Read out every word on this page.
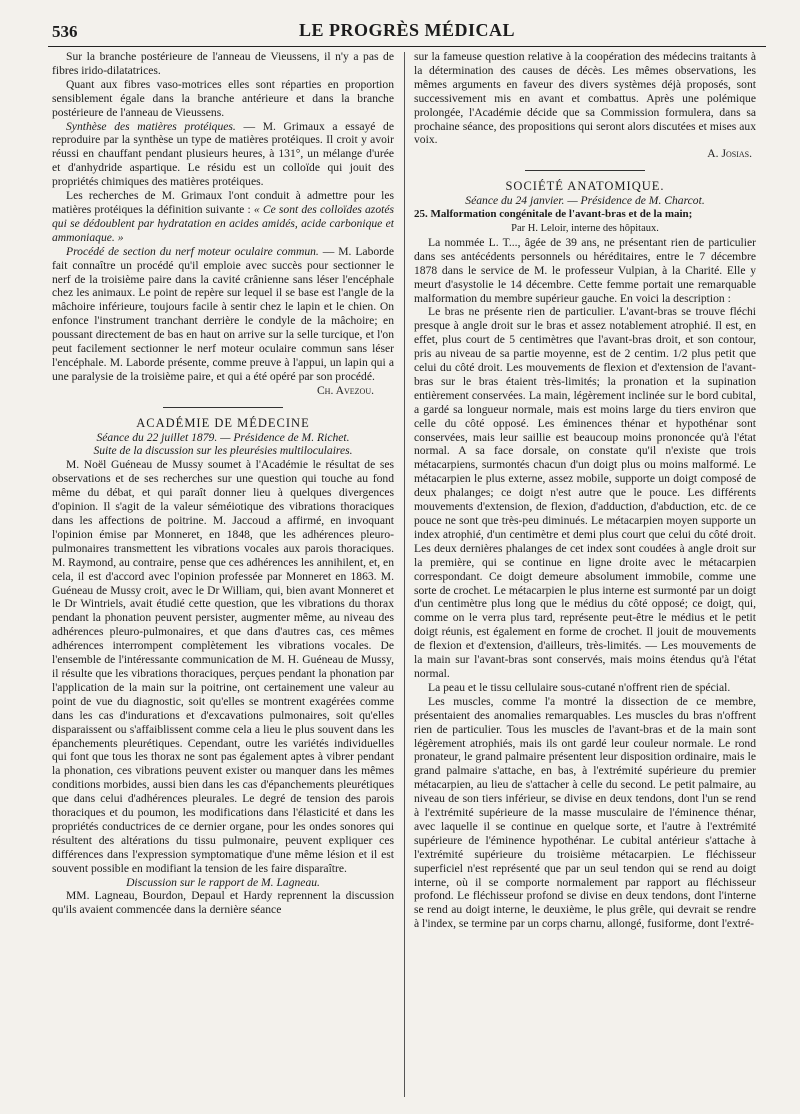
536	LE PROGRÈS MÉDICAL

Sur la branche postérieure de l'anneau de Vieussens, il n'y a pas de fibres irido-dilatatrices.

Quant aux fibres vaso-motrices elles sont réparties en proportion sensiblement égale dans la branche antérieure et dans la branche postérieure de l'anneau de Vieussens.

Synthèse des matières protéiques. — M. Grimaux a essayé de reproduire par la synthèse un type de matières protéiques. Il croit y avoir réussi en chauffant pendant plusieurs heures, à 131°, un mélange d'urée et d'anhydride aspartique. Le résidu est un colloïde qui jouit des propriétés chimiques des matières protéiques.

Les recherches de M. Grimaux l'ont conduit à admettre pour les matières protéiques la définition suivante : « Ce sont des colloïdes azotés qui se dédoublent par hydratation en acides amidés, acide carbonique et ammoniaque. »

Procédé de section du nerf moteur oculaire commun. — M. Laborde fait connaître un procédé qu'il emploie avec succès pour sectionner le nerf de la troisième paire dans la cavité crânienne sans léser l'encéphale chez les animaux. Le point de repère sur lequel il se base est l'angle de la mâchoire inférieure, toujours facile à sentir chez le lapin et le chien. On enfonce l'instrument tranchant derrière le condyle de la mâchoire; en poussant directement de bas en haut on arrive sur la selle turcique, et l'on peut facilement sectionner le nerf moteur oculaire commun sans léser l'encéphale. M. Laborde présente, comme preuve à l'appui, un lapin qui a une paralysie de la troisième paire, et qui a été opéré par son procédé.

Ch. Avezou.

ACADÉMIE DE MÉDECINE

Séance du 22 juillet 1879. — Présidence de M. Richet.

Suite de la discussion sur les pleurésies multiloculaires.

M. Noël Guéneau de Mussy soumet à l'Académie le résultat de ses observations et de ses recherches sur une question qui touche au fond même du débat, et qui paraît donner lieu à quelques divergences d'opinion. Il s'agit de la valeur séméiotique des vibrations thoraciques dans les affections de poitrine. M. Jaccoud a affirmé, en invoquant l'opinion émise par Monneret, en 1848, que les adhérences pleuro-pulmonaires transmettent les vibrations vocales aux parois thoraciques. M. Raymond, au contraire, pense que ces adhérences les annihilent, et, en cela, il est d'accord avec l'opinion professée par Monneret en 1863. M. Guéneau de Mussy croit, avec le Dr William, qui, bien avant Monneret et le Dr Wintriels, avait étudié cette question, que les vibrations du thorax pendant la phonation peuvent persister, augmenter même, au niveau des adhérences pleuro-pulmonaires, et que dans d'autres cas, ces mêmes adhérences interrompent complètement les vibrations vocales. De l'ensemble de l'intéressante communication de M. H. Guéneau de Mussy, il résulte que les vibrations thoraciques, perçues pendant la phonation par l'application de la main sur la poitrine, ont certainement une valeur au point de vue du diagnostic, soit qu'elles se montrent exagérées comme dans les cas d'indurations et d'excavations pulmonaires, soit qu'elles disparaissent ou s'affaiblissent comme cela a lieu le plus souvent dans les épanchements pleurétiques. Cependant, outre les variétés individuelles qui font que tous les thorax ne sont pas également aptes à vibrer pendant la phonation, ces vibrations peuvent exister ou manquer dans les mêmes conditions morbides, aussi bien dans les cas d'épanchements pleurétiques que dans celui d'adhérences pleurales. Le degré de tension des parois thoraciques et du poumon, les modifications dans l'élasticité et dans les propriétés conductrices de ce dernier organe, pour les ondes sonores qui résultent des altérations du tissu pulmonaire, peuvent expliquer ces différences dans l'expression symptomatique d'une même lésion et il est souvent possible en modifiant la tension de les faire disparaître.

Discussion sur le rapport de M. Lagneau.

MM. Lagneau, Bourdon, Depaul et Hardy reprennent la discussion qu'ils avaient commencée dans la dernière séance

sur la fameuse question relative à la coopération des médecins traitants à la détermination des causes de décès. Les mêmes observations, les mêmes arguments en faveur des divers systèmes déjà proposés, sont successivement mis en avant et combattus. Après une polémique prolongée, l'Académie décide que sa Commission formulera, dans sa prochaine séance, des propositions qui seront alors discutées et mises aux voix.

A. Josias.

SOCIÉTÉ ANATOMIQUE.

Séance du 24 janvier. — Présidence de M. Charcot.

25. Malformation congénitale de l'avant-bras et de la main;

Par H. Leloir, interne des hôpitaux.

La nommée L. T..., âgée de 39 ans, ne présentant rien de particulier dans ses antécédents personnels ou héréditaires, entre le 7 décembre 1878 dans le service de M. le professeur Vulpian, à la Charité. Elle y meurt d'asystolie le 14 décembre. Cette femme portait une remarquable malformation du membre supérieur gauche. En voici la description :

Le bras ne présente rien de particulier. L'avant-bras se trouve fléchi presque à angle droit sur le bras et assez notablement atrophié. Il est, en effet, plus court de 5 centimètres que l'avant-bras droit, et son contour, pris au niveau de sa partie moyenne, est de 2 centim. 1/2 plus petit que celui du côté droit. Les mouvements de flexion et d'extension de l'avant-bras sur le bras étaient très-limités; la pronation et la supination entièrement conservées. La main, légèrement inclinée sur le bord cubital, a gardé sa longueur normale, mais est moins large du tiers environ que celle du côté opposé. Les éminences thénar et hypothénar sont conservées, mais leur saillie est beaucoup moins prononcée qu'à l'état normal. A sa face dorsale, on constate qu'il n'existe que trois métacarpiens, surmontés chacun d'un doigt plus ou moins malformé. Le métacarpien le plus externe, assez mobile, supporte un doigt composé de deux phalanges; ce doigt n'est autre que le pouce. Les différents mouvements d'extension, de flexion, d'adduction, d'abduction, etc. de ce pouce ne sont que très-peu diminués. Le métacarpien moyen supporte un index atrophié, d'un centimètre et demi plus court que celui du côté droit. Les deux dernières phalanges de cet index sont coudées à angle droit sur la première, qui se continue en ligne droite avec le métacarpien correspondant. Ce doigt demeure absolument immobile, comme une sorte de crochet. Le métacarpien le plus interne est surmonté par un doigt d'un centimètre plus long que le médius du côté opposé; ce doigt, qui, comme on le verra plus tard, représente peut-être le médius et le petit doigt réunis, est également en forme de crochet. Il jouit de mouvements de flexion et d'extension, d'ailleurs, très-limités. — Les mouvements de la main sur l'avant-bras sont conservés, mais moins étendus qu'à l'état normal.

La peau et le tissu cellulaire sous-cutané n'offrent rien de spécial.

Les muscles, comme l'a montré la dissection de ce membre, présentaient des anomalies remarquables. Les muscles du bras n'offrent rien de particulier. Tous les muscles de l'avant-bras et de la main sont légèrement atrophiés, mais ils ont gardé leur couleur normale. Le rond pronateur, le grand palmaire présentent leur disposition ordinaire, mais le grand palmaire s'attache, en bas, à l'extrémité supérieure du premier métacarpien, au lieu de s'attacher à celle du second. Le petit palmaire, au niveau de son tiers inférieur, se divise en deux tendons, dont l'un se rend à l'extrémité supérieure de la masse musculaire de l'éminence thénar, avec laquelle il se continue en quelque sorte, et l'autre à l'extrémité supérieure de l'éminence hypothénar. Le cubital antérieur s'attache à l'extrémité supérieure du troisième métacarpien. Le fléchisseur superficiel n'est représenté que par un seul tendon qui se rend au doigt interne, où il se comporte normalement par rapport au fléchisseur profond. Le fléchisseur profond se divise en deux tendons, dont l'interne se rend au doigt interne, le deuxième, le plus grêle, qui devrait se rendre à l'index, se termine par un corps charnu, allongé, fusiforme, dont l'extré-
